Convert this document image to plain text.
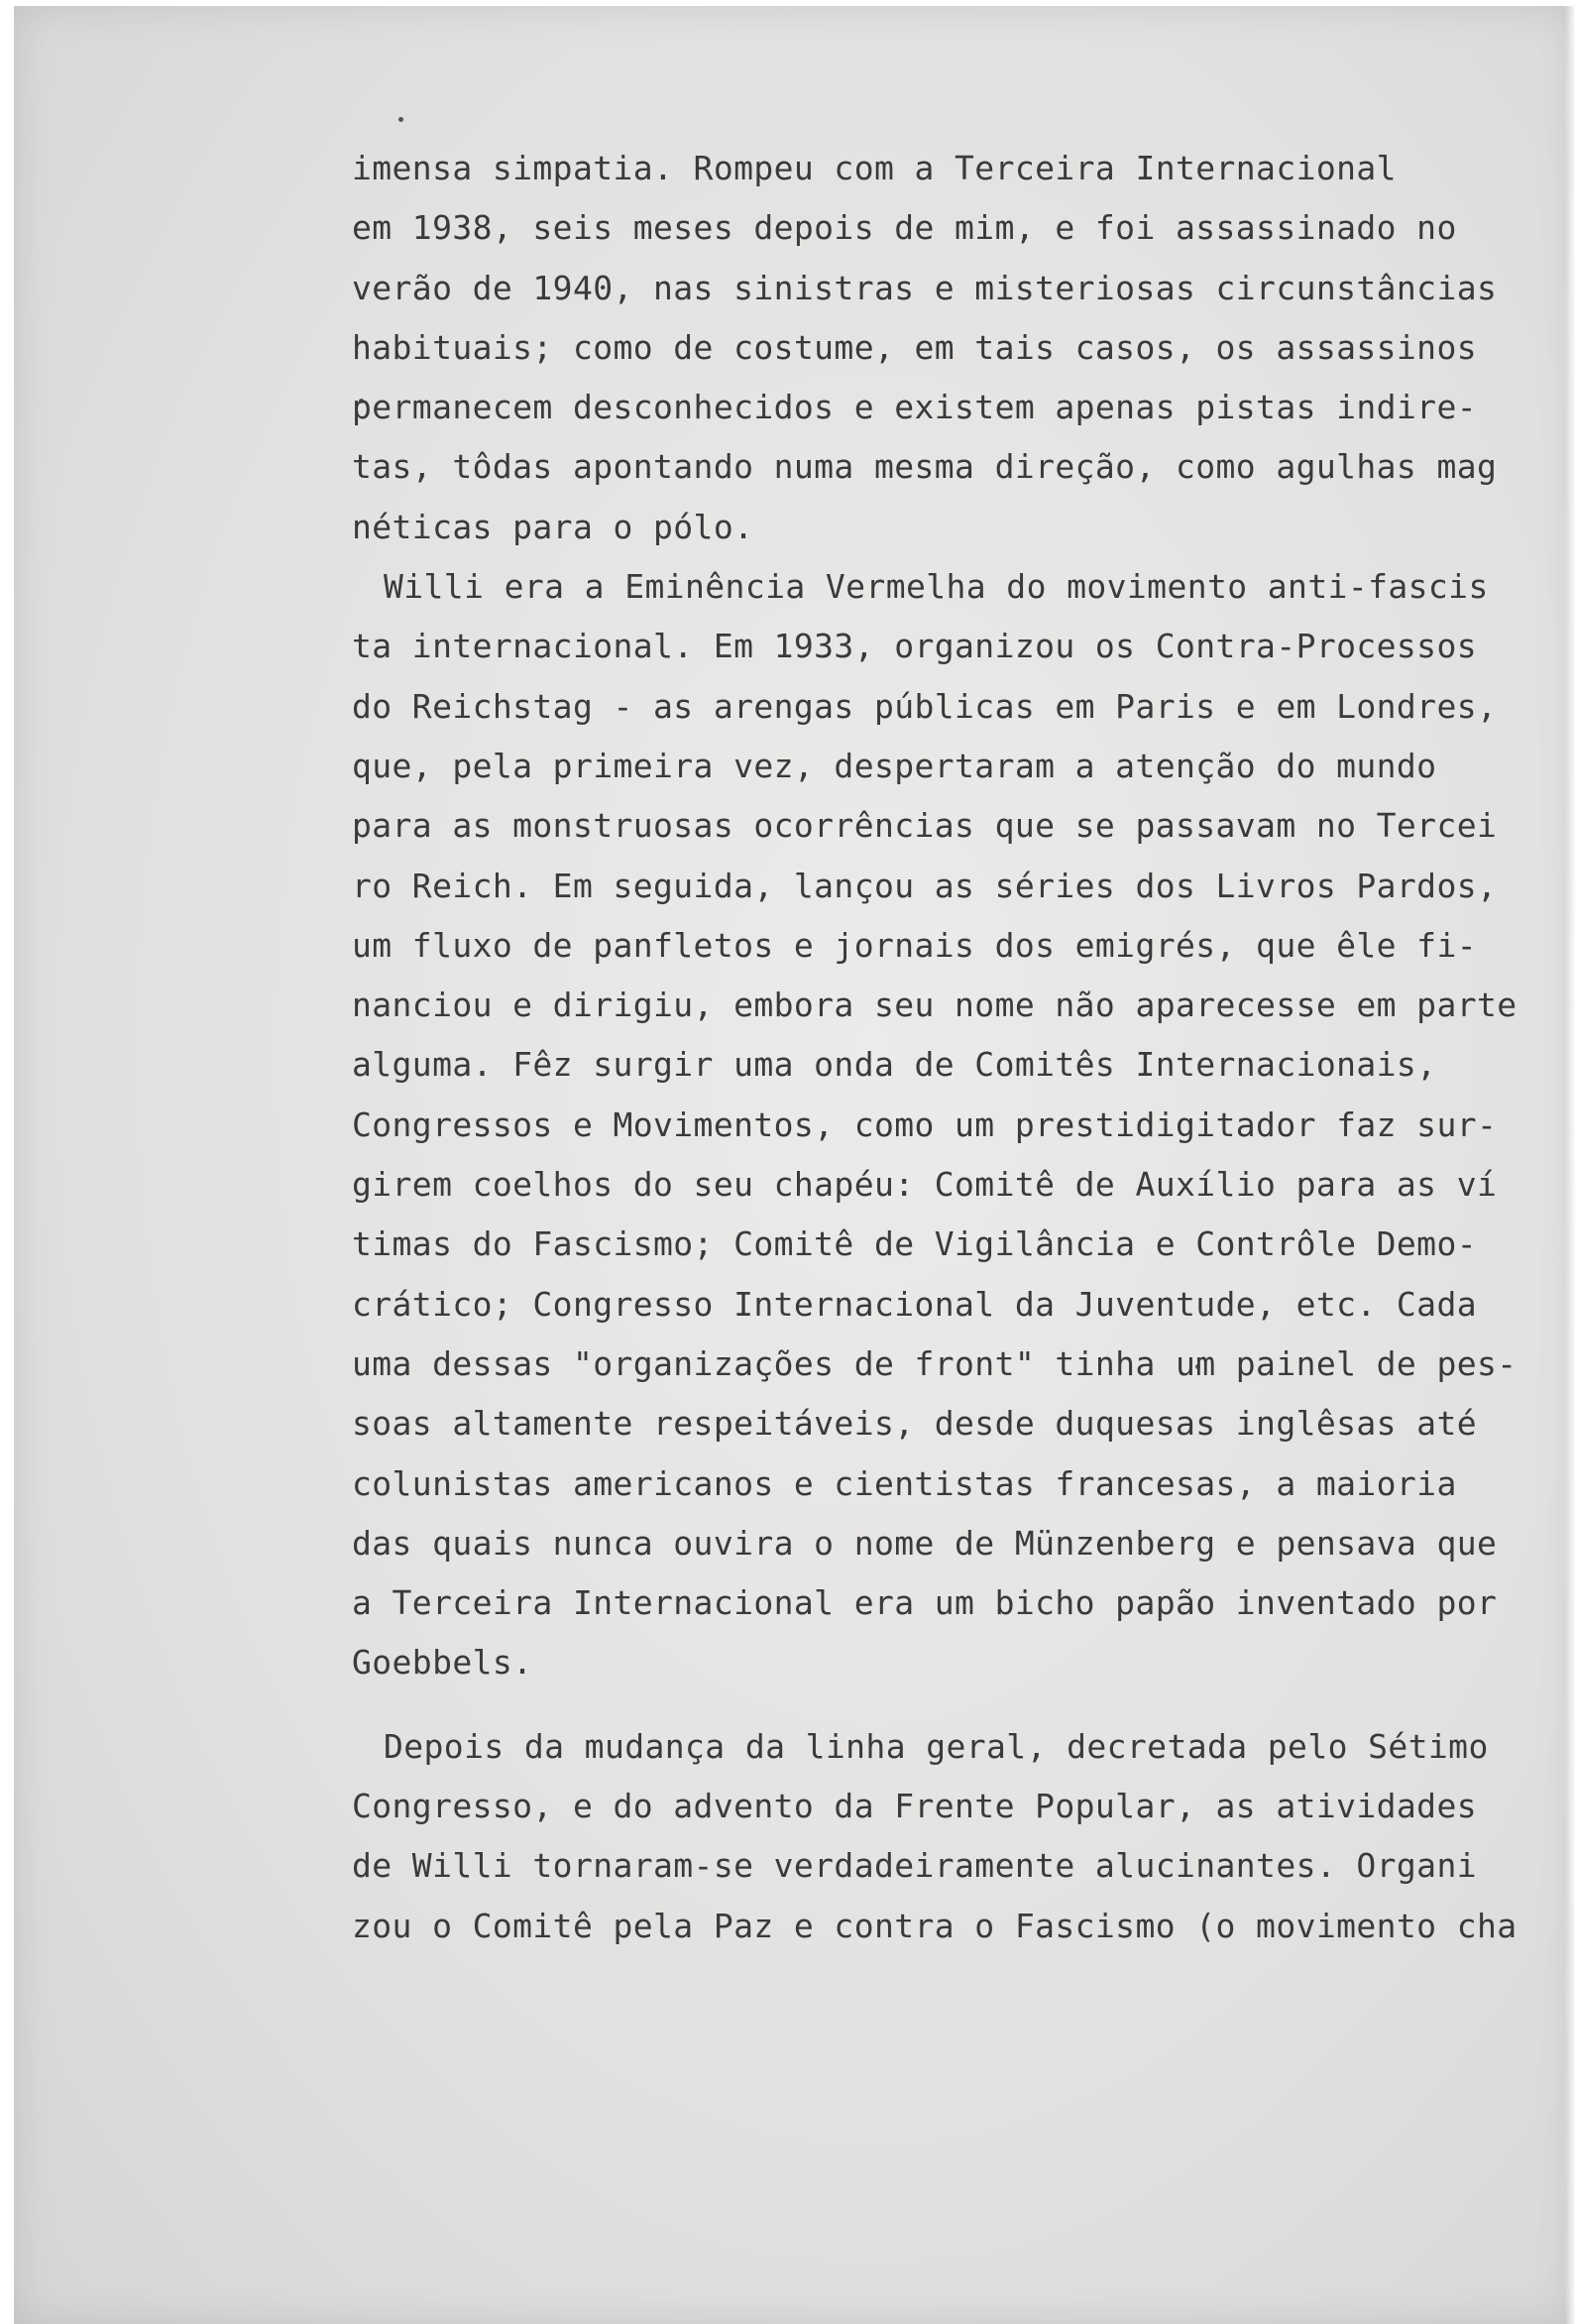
imensa simpatia. Rompeu com a Terceira Internacional
em 1938, seis meses depois de mim, e foi assassinado no
verão de 1940, nas sinistras e misteriosas circunstâncias
habituais; como de costume, em tais casos, os assassinos
permanecem desconhecidos e existem apenas pistas indire-
tas, tôdas apontando numa mesma direção, como agulhas mag
néticas para o pólo.
Willi era a Eminência Vermelha do movimento anti-fascis
ta internacional. Em 1933, organizou os Contra-Processos
do Reichstag - as arengas públicas em Paris e em Londres,
que, pela primeira vez, despertaram a atenção do mundo
para as monstruosas ocorrências que se passavam no Tercei
ro Reich. Em seguida, lançou as séries dos Livros Pardos,
um fluxo de panfletos e jornais dos emigrés, que êle fi-
nanciou e dirigiu, embora seu nome não aparecesse em parte
alguma. Fêz surgir uma onda de Comitês Internacionais,
Congressos e Movimentos, como um prestidigitador faz sur-
girem coelhos do seu chapéu: Comitê de Auxílio para as ví
timas do Fascismo; Comitê de Vigilância e Contrôle Demo-
crático; Congresso Internacional da Juventude, etc. Cada
uma dessas "organizações de front" tinha um painel de pes-
soas altamente respeitáveis, desde duquesas inglêsas até
colunistas americanos e cientistas francesas, a maioria
das quais nunca ouvira o nome de Münzenberg e pensava que
a Terceira Internacional era um bicho papão inventado por
Goebbels.
Depois da mudança da linha geral, decretada pelo Sétimo
Congresso, e do advento da Frente Popular, as atividades
de Willi tornaram-se verdadeiramente alucinantes. Organi
zou o Comitê pela Paz e contra o Fascismo (o movimento cha
